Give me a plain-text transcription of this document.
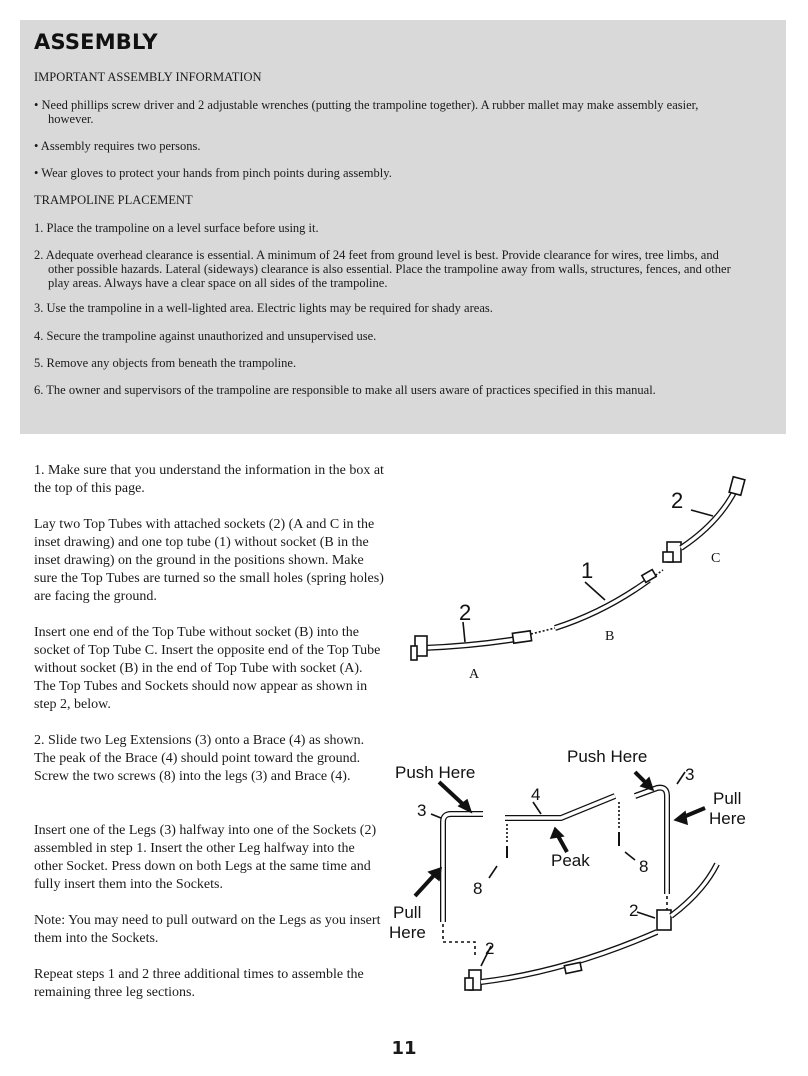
ASSEMBLY

IMPORTANT ASSEMBLY INFORMATION

• Need phillips screw driver and 2 adjustable wrenches (putting the trampoline together). A rubber mallet may make assembly easier, however.

• Assembly requires two persons.

• Wear gloves to protect your hands from pinch points during assembly.

TRAMPOLINE PLACEMENT

1. Place the trampoline on a level surface before using it.

2. Adequate overhead clearance is essential. A minimum of 24 feet from ground level is best. Provide clearance for wires, tree limbs, and other possible hazards. Lateral (sideways) clearance is also essential. Place the trampoline away from walls, structures, fences, and other play areas. Always have a clear space on all sides of the trampoline.

3. Use the trampoline in a well-lighted area. Electric lights may be required for shady areas.

4. Secure the trampoline against unauthorized and unsupervised use.

5. Remove any objects from beneath the trampoline.

6. The owner and supervisors of the trampoline are responsible to make all users aware of practices specified in this manual.

1. Make sure that you understand the information in the box at the top of this page.

Lay two Top Tubes with attached sockets (2) (A and C in the inset drawing) and one top tube (1) without socket (B in the inset drawing) on the ground in the positions shown. Make sure the Top Tubes are turned so the small holes (spring holes) are facing the ground.

Insert one end of the Top Tube without socket (B) into the socket of Top Tube C. Insert the opposite end of the Top Tube without socket (B) in the end of Top Tube with socket (A). The Top Tubes and Sockets should now appear as shown in step 2, below.

2. Slide two Leg Extensions (3) onto a Brace (4) as shown. The peak of the Brace (4) should point toward the ground. Screw the two screws (8) into the legs (3) and Brace (4).

Insert one of the Legs (3) halfway into one of the Sockets (2) assembled in step 1. Insert the other Leg halfway into the other Socket. Press down on both Legs at the same time and fully insert them into the Sockets.

Note: You may need to pull outward on the Legs as you insert them into the Sockets.

Repeat steps 1 and 2 three additional times to assemble the remaining three leg sections.

2
C
1
2
B
A
Push Here
Push Here
3
3
4	Pull
Here
Peak
8
8
Pull
Here
2
2
11
